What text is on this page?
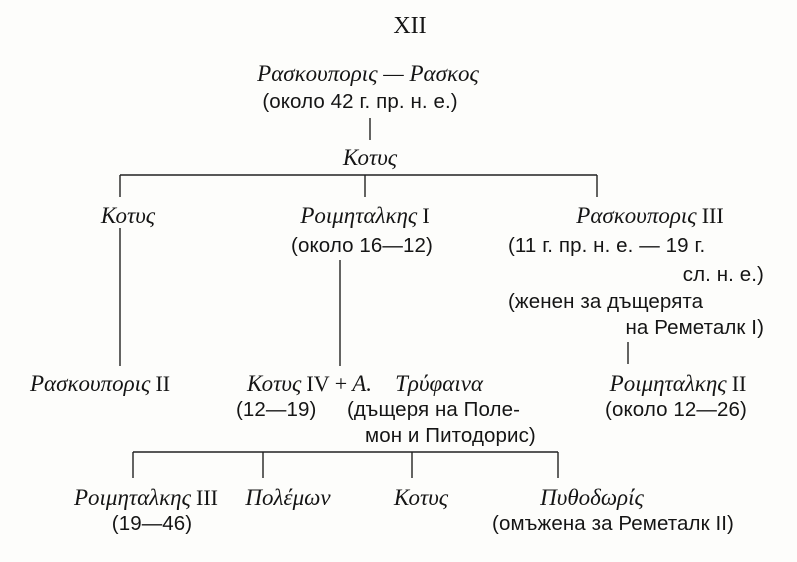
XII
Ρασκουπορις — Ρασκος
(около 42 г. пр. н. е.)
Κοτυς
Κοτυς	Ροιμηταλκης I
(около 16—12)
Ρασκουπορις III
(11 г. пр. н. е. — 19 г.
сл. н. е.)
(женен за дъщерята
на Реметалк I)
Ρασκουπορις II	Κοτυς IV + Α. Τρύφαινα
(12—19) (дъщеря на Поле-
мон и Питодорис)
Ροιμηταλκης II
(около 12—26)
Ροιμηταλκης III
(19—46)
Πολέμων	Κοτυς	Πυθοδωρίς
(омъжена за Реметалк II)
